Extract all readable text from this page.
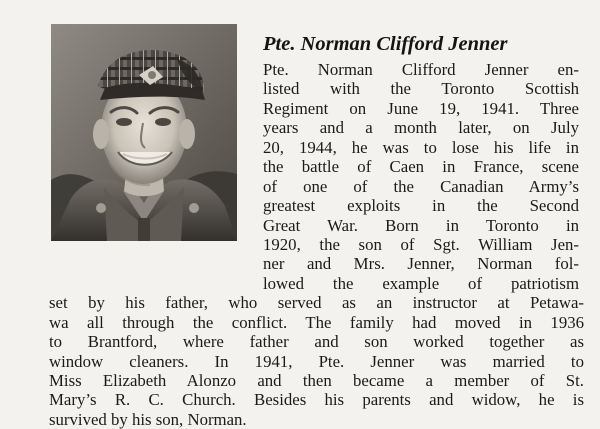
Pte. Norman Clifford Jenner
Pte. Norman Clifford Jenner en-
listed with the Toronto Scottish
Regiment on June 19, 1941. Three
years and a month later, on July
20, 1944, he was to lose his life in
the battle of Caen in France, scene
of one of the Canadian Army’s
greatest exploits in the Second
Great War. Born in Toronto in
1920, the son of Sgt. William Jen-
ner and Mrs. Jenner, Norman fol-
lowed the example of patriotism
set by his father, who served as an instructor at Petawa-
wa all through the conflict. The family had moved in 1936
to Brantford, where father and son worked together as
window cleaners. In 1941, Pte. Jenner was married to
Miss Elizabeth Alonzo and then became a member of St.
Mary’s R. C. Church. Besides his parents and widow, he is
survived by his son, Norman.
